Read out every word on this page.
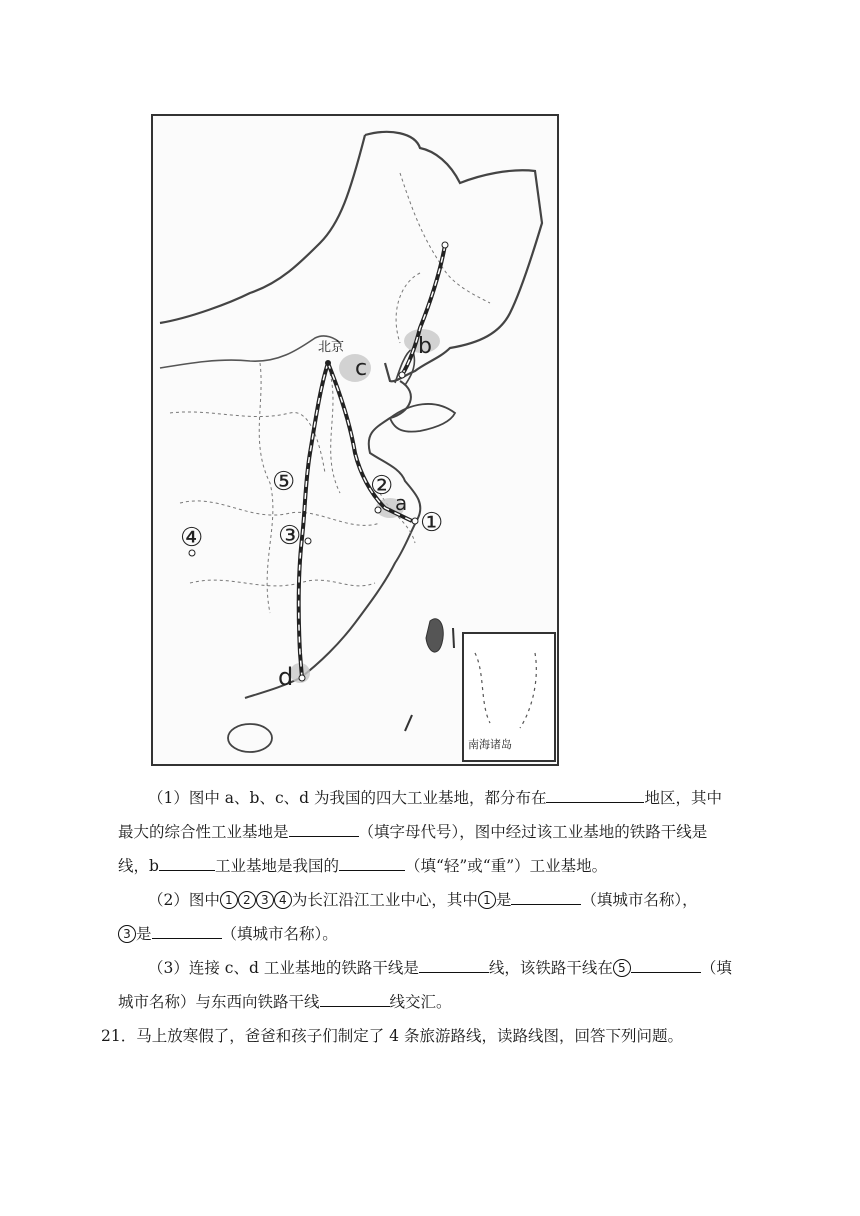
北京	b
c
a
d
①
②
③
④
⑤
南海诸岛
（1）图中 a、b、c、d 为我国的四大工业基地，都分布在	地区，其中
最大的综合性工业基地是	（填字母代号），图中经过该工业基地的铁路干线是
线，b	工业基地是我国的	（填“轻”或“重”）工业基地。
（2）图中 1 2 3 4 为长江沿江工业中心，其中 1 是	（填城市名称），
3 是	（填城市名称）。
（3）连接 c、d 工业基地的铁路干线是	线，该铁路干线在 5	（填
城市名称）与东西向铁路干线	线交汇。
21．马上放寒假了，爸爸和孩子们制定了 4 条旅游路线，读路线图，回答下列问题。
